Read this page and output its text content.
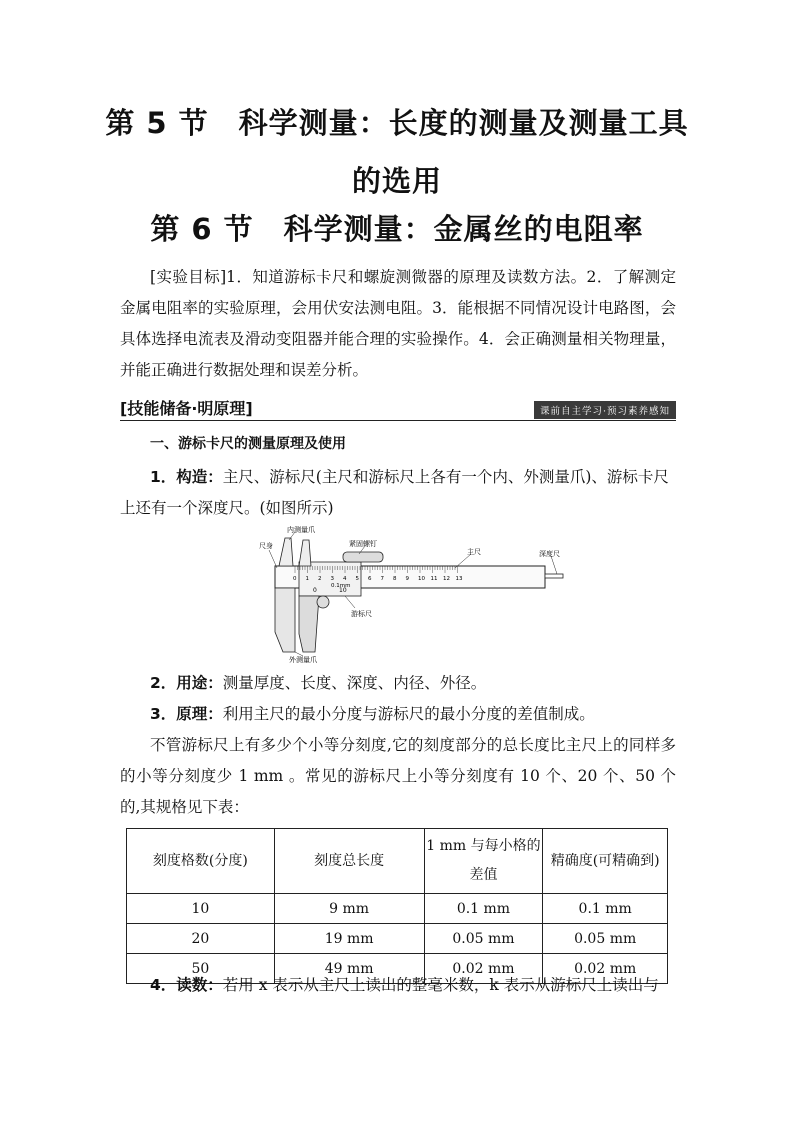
第 5 节　科学测量：长度的测量及测量工具
的选用
第 6 节　科学测量：金属丝的电阻率
[实验目标]1．知道游标卡尺和螺旋测微器的原理及读数方法。2．了解测定金属电阻率的实验原理，会用伏安法测电阻。3．能根据不同情况设计电路图，会具体选择电流表及滑动变阻器并能合理的实验操作。4．会正确测量相关物理量，并能正确进行数据处理和误差分析。
[技能储备·明原理]	课前自主学习·预习素养感知
一、游标卡尺的测量原理及使用
1．构造：主尺、游标尺(主尺和游标尺上各有一个内、外测量爪)、游标卡尺上还有一个深度尺。(如图所示)
0 1 2 3 4 5 6 7 8 9 10 11 12 13
0	10
0.1mm
内测量爪
尺身	紧固螺钉
主尺	深度尺
游标尺
外测量爪
2．用途：测量厚度、长度、深度、内径、外径。
3．原理：利用主尺的最小分度与游标尺的最小分度的差值制成。
不管游标尺上有多少个小等分刻度,它的刻度部分的总长度比主尺上的同样多的小等分刻度少 1 mm 。常见的游标尺上小等分刻度有 10 个、20 个、50 个的,其规格见下表：
刻度格数(分度)	刻度总长度	1 mm 与每小格的差值	精确度(可精确到)
10	9 mm	0.1 mm	0.1 mm
20	19 mm	0.05 mm	0.05 mm
50	49 mm	0.02 mm	0.02 mm
4．读数：若用 x 表示从主尺上读出的整毫米数，k 表示从游标尺上读出与
